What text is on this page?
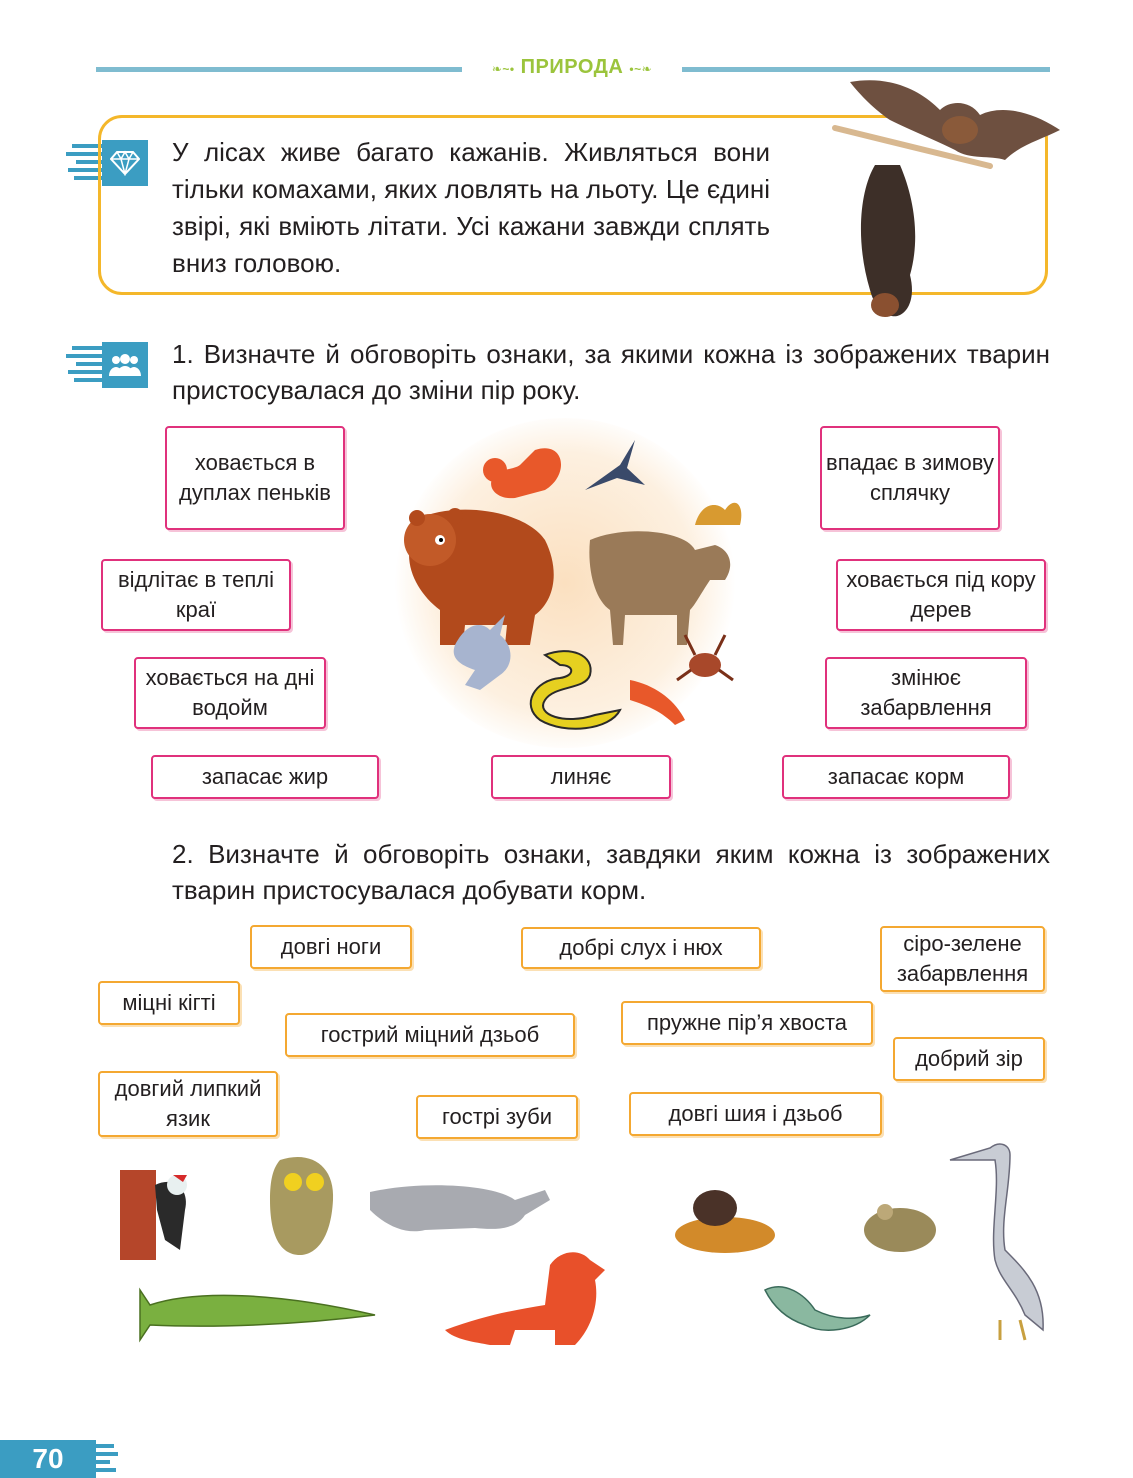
❧~• ПРИРОДА •~❧
У лісах живе багато кажанів. Живляться вони тільки комахами, яких ловлять на льоту. Це єдині звірі, які вміють літати. Усі кажани завжди сплять вниз головою.
1. Визначте й обговоріть ознаки, за якими кожна із зображених тварин пристосувалася до зміни пір року.
ховається в дуплах пеньків
відлітає в теплі краї
ховається на дні водойм
запасає жир	линяє
впадає в зимову сплячку
ховається під кору дерев
змінює забарвлення
запасає корм
2. Визначте й обговоріть ознаки, завдяки яким кожна із зображених тварин пристосувалася добувати корм.
довгі ноги	добрі слух і нюх	сіро-зелене забарвлення
міцні кігті
гострий міцний дзьоб	пружне пір’я хвоста
добрий зір
довгий липкий язик	гострі зуби	довгі шия і дзьоб
70
